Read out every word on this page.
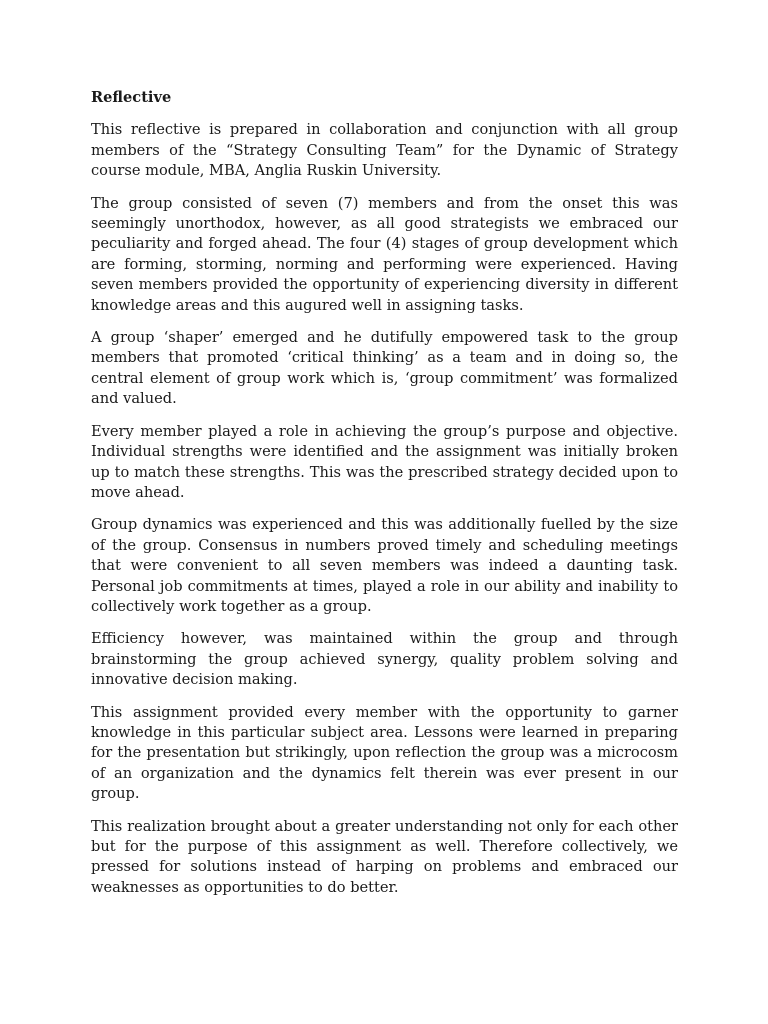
Reflective

This reflective is prepared in collaboration and conjunction with all group members of the “Strategy Consulting Team” for the Dynamic of Strategy course module, MBA, Anglia Ruskin University.

The group consisted of seven (7) members and from the onset this was seemingly unorthodox, however, as all good strategists we embraced our peculiarity and forged ahead. The four (4) stages of group development which are forming, storming, norming and performing were experienced. Having seven members provided the opportunity of experiencing diversity in different knowledge areas and this augured well in assigning tasks.

A group ‘shaper’ emerged and he dutifully empowered task to the group members that promoted ‘critical thinking’ as a team and in doing so, the central element of group work which is, ‘group commitment’ was formalized and valued.

Every member played a role in achieving the group’s purpose and objective. Individual strengths were identified and the assignment was initially broken up to match these strengths. This was the prescribed strategy decided upon to move ahead.

Group dynamics was experienced and this was additionally fuelled by the size of the group. Consensus in numbers proved timely and scheduling meetings that were convenient to all seven members was indeed a daunting task. Personal job commitments at times, played a role in our ability and inability to collectively work together as a group.

Efficiency however, was maintained within the group and through brainstorming the group achieved synergy, quality problem solving and innovative decision making.

This assignment provided every member with the opportunity to garner knowledge in this particular subject area. Lessons were learned in preparing for the presentation but strikingly, upon reflection the group was a microcosm of an organization and the dynamics felt therein was ever present in our group.

This realization brought about a greater understanding not only for each other but for the purpose of this assignment as well. Therefore collectively, we pressed for solutions instead of harping on problems and embraced our weaknesses as opportunities to do better.
